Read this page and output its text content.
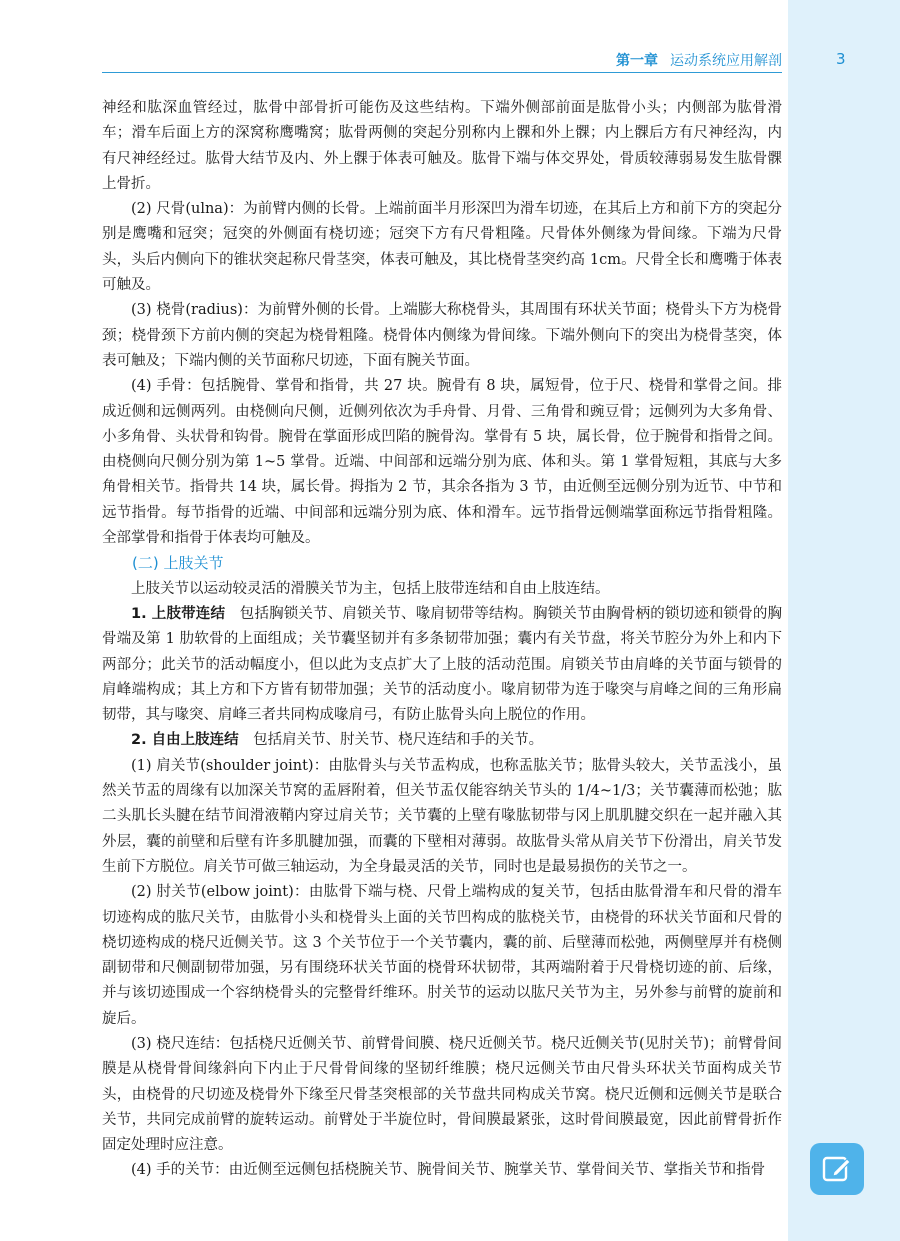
第一章 运动系统应用解剖	3

神经和肱深血管经过，肱骨中部骨折可能伤及这些结构。下端外侧部前面是肱骨小头；内侧部为肱骨滑车；滑车后面上方的深窝称鹰嘴窝；肱骨两侧的突起分别称内上髁和外上髁；内上髁后方有尺神经沟，内有尺神经经过。肱骨大结节及内、外上髁于体表可触及。肱骨下端与体交界处，骨质较薄弱易发生肱骨髁上骨折。

(2) 尺骨(ulna)：为前臂内侧的长骨。上端前面半月形深凹为滑车切迹，在其后上方和前下方的突起分别是鹰嘴和冠突；冠突的外侧面有桡切迹；冠突下方有尺骨粗隆。尺骨体外侧缘为骨间缘。下端为尺骨头，头后内侧向下的锥状突起称尺骨茎突，体表可触及，其比桡骨茎突约高 1cm。尺骨全长和鹰嘴于体表可触及。

(3) 桡骨(radius)：为前臂外侧的长骨。上端膨大称桡骨头，其周围有环状关节面；桡骨头下方为桡骨颈；桡骨颈下方前内侧的突起为桡骨粗隆。桡骨体内侧缘为骨间缘。下端外侧向下的突出为桡骨茎突，体表可触及；下端内侧的关节面称尺切迹，下面有腕关节面。

(4) 手骨：包括腕骨、掌骨和指骨，共 27 块。腕骨有 8 块，属短骨，位于尺、桡骨和掌骨之间。排成近侧和远侧两列。由桡侧向尺侧，近侧列依次为手舟骨、月骨、三角骨和豌豆骨；远侧列为大多角骨、小多角骨、头状骨和钩骨。腕骨在掌面形成凹陷的腕骨沟。掌骨有 5 块，属长骨，位于腕骨和指骨之间。由桡侧向尺侧分别为第 1~5 掌骨。近端、中间部和远端分别为底、体和头。第 1 掌骨短粗，其底与大多角骨相关节。指骨共 14 块，属长骨。拇指为 2 节，其余各指为 3 节，由近侧至远侧分别为近节、中节和远节指骨。每节指骨的近端、中间部和远端分别为底、体和滑车。远节指骨远侧端掌面称远节指骨粗隆。全部掌骨和指骨于体表均可触及。

(二) 上肢关节

上肢关节以运动较灵活的滑膜关节为主，包括上肢带连结和自由上肢连结。

1. 上肢带连结　 包括胸锁关节、肩锁关节、喙肩韧带等结构。胸锁关节由胸骨柄的锁切迹和锁骨的胸骨端及第 1 肋软骨的上面组成；关节囊坚韧并有多条韧带加强；囊内有关节盘，将关节腔分为外上和内下两部分；此关节的活动幅度小，但以此为支点扩大了上肢的活动范围。肩锁关节由肩峰的关节面与锁骨的肩峰端构成；其上方和下方皆有韧带加强；关节的活动度小。喙肩韧带为连于喙突与肩峰之间的三角形扁韧带，其与喙突、肩峰三者共同构成喙肩弓，有防止肱骨头向上脱位的作用。

2. 自由上肢连结　 包括肩关节、肘关节、桡尺连结和手的关节。

(1) 肩关节(shoulder joint)：由肱骨头与关节盂构成，也称盂肱关节；肱骨头较大，关节盂浅小，虽然关节盂的周缘有以加深关节窝的盂唇附着，但关节盂仅能容纳关节头的 1/4~1/3；关节囊薄而松弛；肱二头肌长头腱在结节间滑液鞘内穿过肩关节；关节囊的上壁有喙肱韧带与冈上肌肌腱交织在一起并融入其外层，囊的前壁和后壁有许多肌腱加强，而囊的下壁相对薄弱。故肱骨头常从肩关节下份滑出，肩关节发生前下方脱位。肩关节可做三轴运动，为全身最灵活的关节，同时也是最易损伤的关节之一。

(2) 肘关节(elbow joint)：由肱骨下端与桡、尺骨上端构成的复关节，包括由肱骨滑车和尺骨的滑车切迹构成的肱尺关节，由肱骨小头和桡骨头上面的关节凹构成的肱桡关节，由桡骨的环状关节面和尺骨的桡切迹构成的桡尺近侧关节。这 3 个关节位于一个关节囊内，囊的前、后壁薄而松弛，两侧壁厚并有桡侧副韧带和尺侧副韧带加强，另有围绕环状关节面的桡骨环状韧带，其两端附着于尺骨桡切迹的前、后缘，并与该切迹围成一个容纳桡骨头的完整骨纤维环。肘关节的运动以肱尺关节为主，另外参与前臂的旋前和旋后。

(3) 桡尺连结：包括桡尺近侧关节、前臂骨间膜、桡尺近侧关节。桡尺近侧关节(见肘关节)；前臂骨间膜是从桡骨骨间缘斜向下内止于尺骨骨间缘的坚韧纤维膜；桡尺远侧关节由尺骨头环状关节面构成关节头，由桡骨的尺切迹及桡骨外下缘至尺骨茎突根部的关节盘共同构成关节窝。桡尺近侧和远侧关节是联合关节，共同完成前臂的旋转运动。前臂处于半旋位时，骨间膜最紧张，这时骨间膜最宽，因此前臂骨折作固定处理时应注意。

(4) 手的关节：由近侧至远侧包括桡腕关节、腕骨间关节、腕掌关节、掌骨间关节、掌指关节和指骨
